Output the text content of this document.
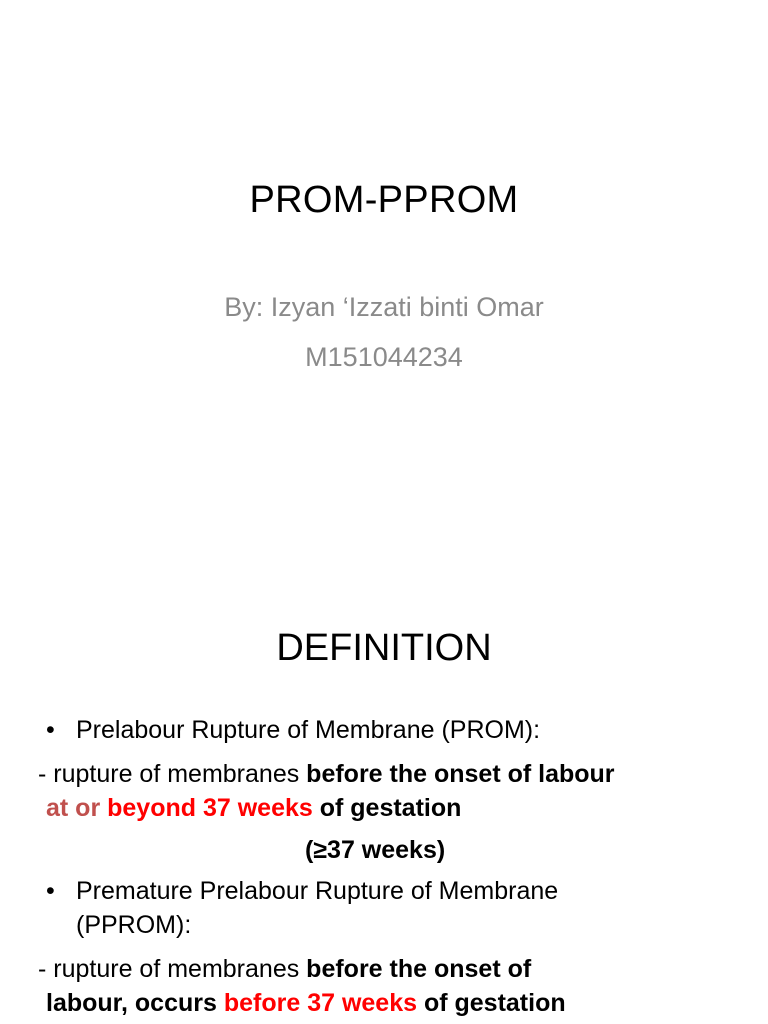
PROM-PPROM
By: Izyan ‘Izzati binti Omar
M151044234
DEFINITION
• Prelabour Rupture of Membrane (PROM):
- rupture of membranes before the onset of labour
at or beyond 37 weeks of gestation
(≥37 weeks)
• Premature Prelabour Rupture of Membrane
(PPROM):
- rupture of membranes before the onset of
labour, occurs before 37 weeks of gestation
